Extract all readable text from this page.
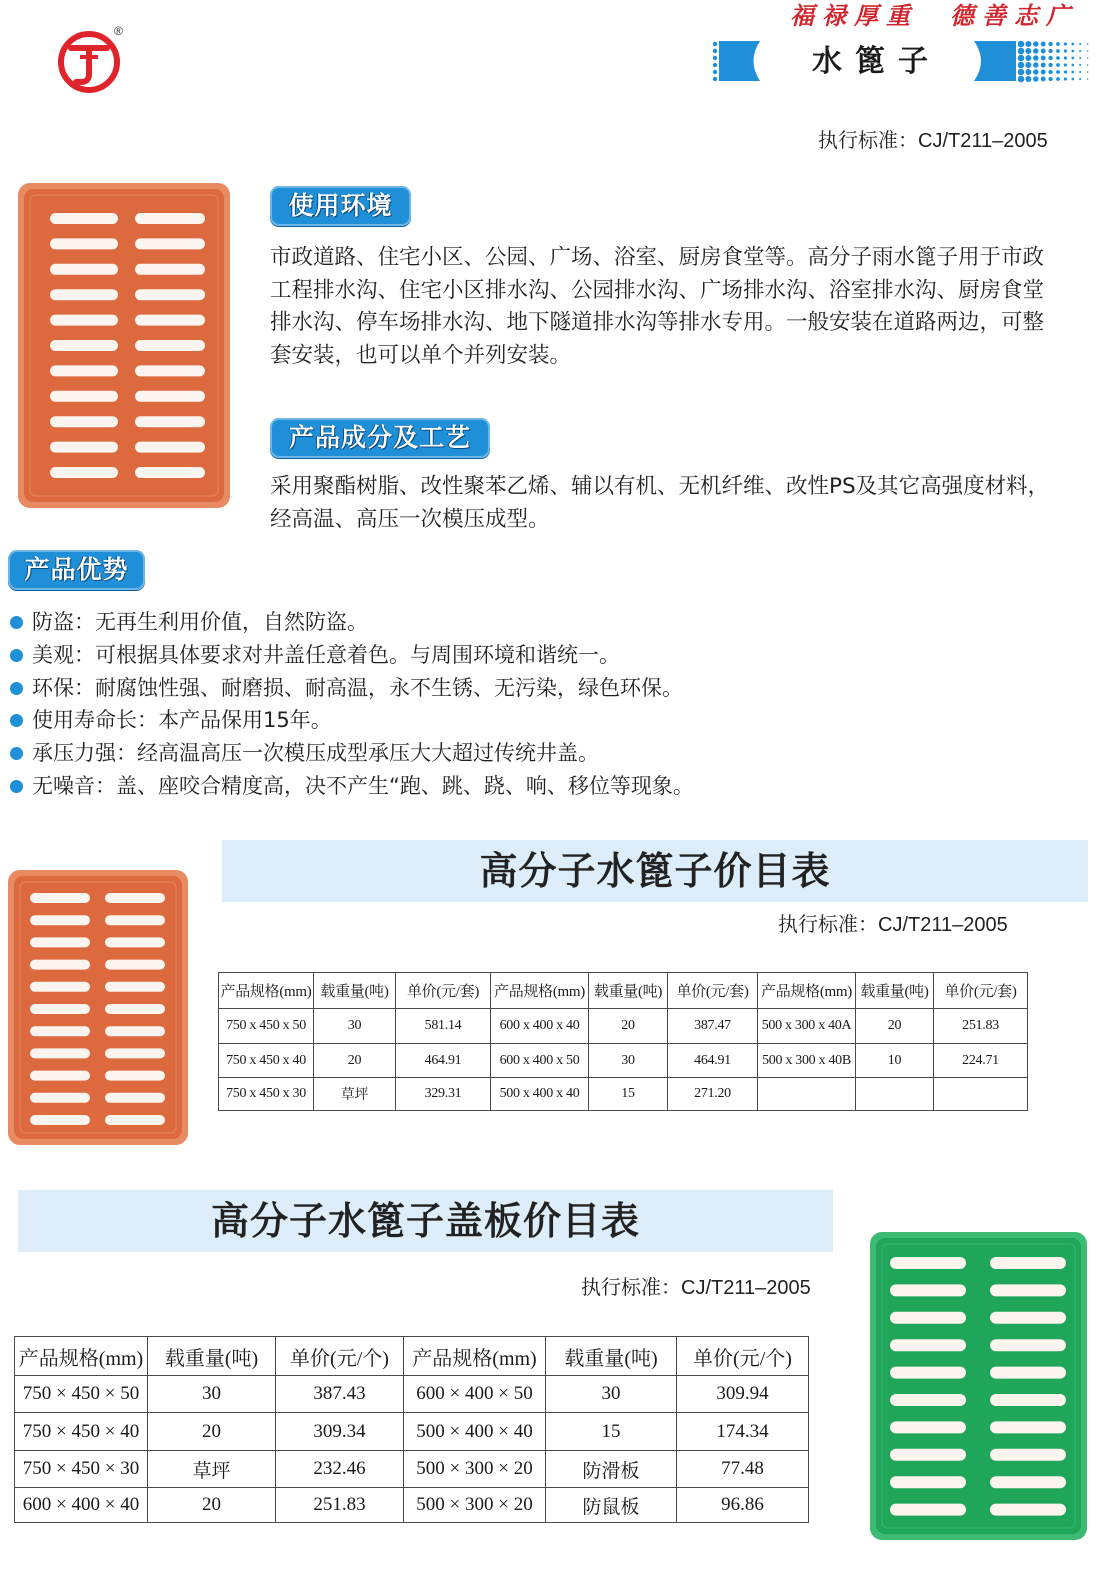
®
福禄厚重　德善志广
水篦子
执行标准：CJ/T211–2005
使用环境
市政道路、住宅小区、公园、广场、浴室、厨房食堂等。高分子雨水篦子用于市政
工程排水沟、住宅小区排水沟、公园排水沟、广场排水沟、浴室排水沟、厨房食堂
排水沟、停车场排水沟、地下隧道排水沟等排水专用。一般安装在道路两边，可整
套安装，也可以单个并列安装。
产品成分及工艺
采用聚酯树脂、改性聚苯乙烯、辅以有机、无机纤维、改性PS及其它高强度材料，
经高温、高压一次模压成型。
产品优势
防盗：无再生利用价值，自然防盗。
美观：可根据具体要求对井盖任意着色。与周围环境和谐统一。
环保：耐腐蚀性强、耐磨损、耐高温，永不生锈、无污染，绿色环保。
使用寿命长：本产品保用15年。
承压力强：经高温高压一次模压成型承压大大超过传统井盖。
无噪音：盖、座咬合精度高，决不产生“跑、跳、跷、响、移位等现象。
高分子水篦子价目表
执行标准：CJ/T211–2005
产品规格(mm)	载重量(吨)	单价(元/套)	产品规格(mm)	载重量(吨)	单价(元/套)	产品规格(mm)	载重量(吨)	单价(元/套)
750 x 450 x 50	30	581.14	600 x 400 x 40	20	387.47	500 x 300 x 40A	20	251.83
750 x 450 x 40	20	464.91	600 x 400 x 50	30	464.91	500 x 300 x 40B	10	224.71
750 x 450 x 30	草坪	329.31	500 x 400 x 40	15	271.20			
高分子水篦子盖板价目表
执行标准：CJ/T211–2005
产品规格(mm)	载重量(吨)	单价(元/个)	产品规格(mm)	载重量(吨)	单价(元/个)
750 × 450 × 50	30	387.43	600 × 400 × 50	30	309.94
750 × 450 × 40	20	309.34	500 × 400 × 40	15	174.34
750 × 450 × 30	草坪	232.46	500 × 300 × 20	防滑板	77.48
600 × 400 × 40	20	251.83	500 × 300 × 20	防鼠板	96.86
